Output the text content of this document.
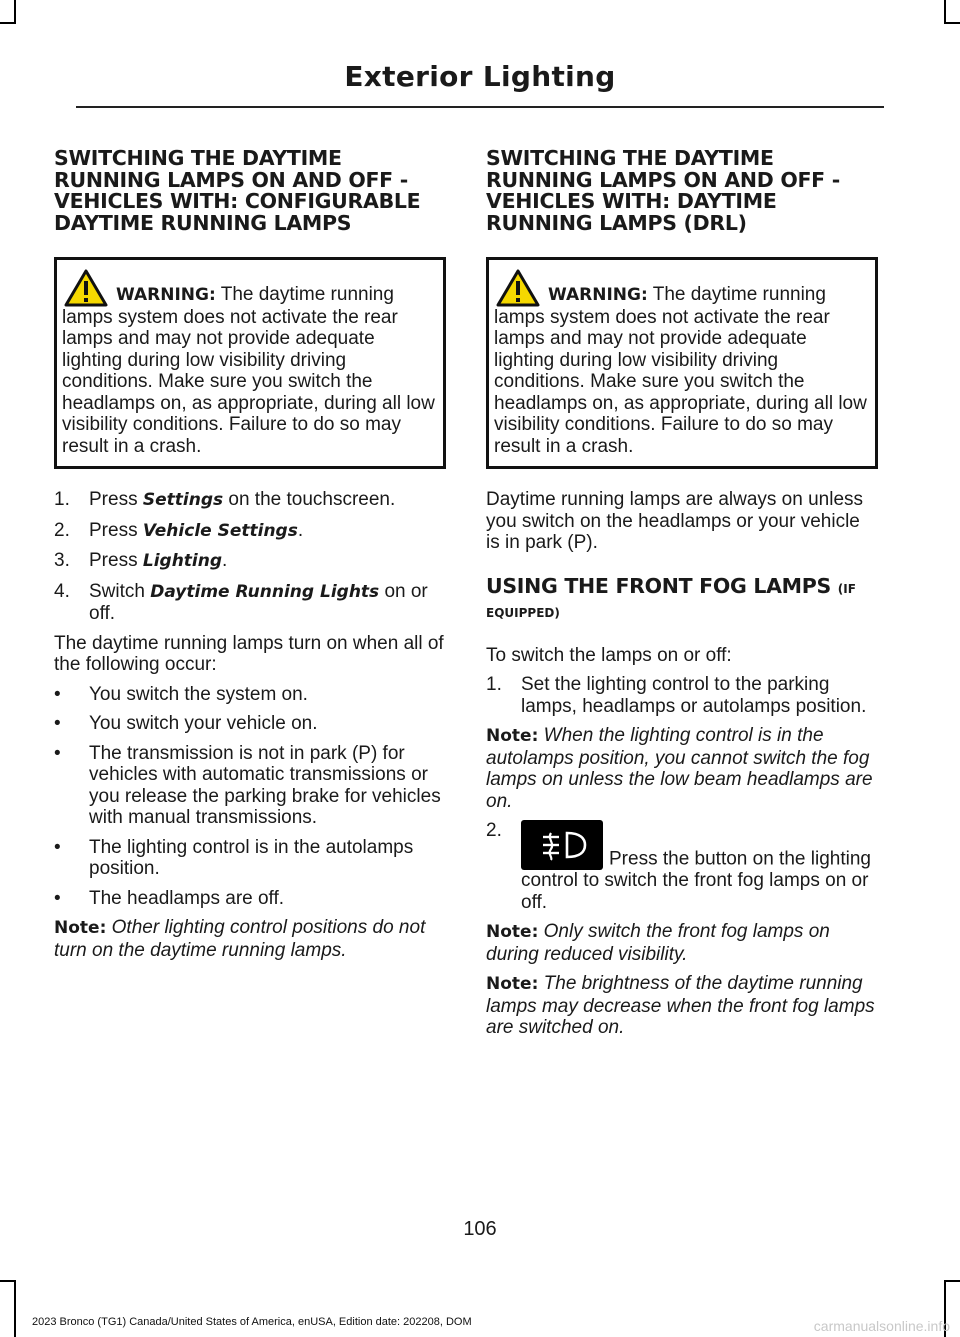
Exterior Lighting
SWITCHING THE DAYTIME RUNNING LAMPS ON AND OFF - VEHICLES WITH: CONFIGURABLE DAYTIME RUNNING LAMPS
WARNING: The daytime running lamps system does not activate the rear lamps and may not provide adequate lighting during low visibility driving conditions. Make sure you switch the headlamps on, as appropriate, during all low visibility conditions. Failure to do so may result in a crash.
1.	Press Settings on the touchscreen.
2.	Press Vehicle Settings.
3.	Press Lighting.
4.	Switch Daytime Running Lights on or off.

The daytime running lamps turn on when all of the following occur:

•	You switch the system on.
•	You switch your vehicle on.
•	The transmission is not in park (P) for vehicles with automatic transmissions or you release the parking brake for vehicles with manual transmissions.
•	The lighting control is in the autolamps position.
•	The headlamps are off.

Note: Other lighting control positions do not turn on the daytime running lamps.

SWITCHING THE DAYTIME RUNNING LAMPS ON AND OFF - VEHICLES WITH: DAYTIME RUNNING LAMPS (DRL)
WARNING: The daytime running lamps system does not activate the rear lamps and may not provide adequate lighting during low visibility driving conditions. Make sure you switch the headlamps on, as appropriate, during all low visibility conditions. Failure to do so may result in a crash.

Daytime running lamps are always on unless you switch on the headlamps or your vehicle is in park (P).

USING THE FRONT FOG LAMPS (IF EQUIPPED)

To switch the lamps on or off:

1.	Set the lighting control to the parking lamps, headlamps or autolamps position.

Note: When the lighting control is in the autolamps position, you cannot switch the fog lamps on unless the low beam headlamps are on.

2.
Press the button on the lighting control to switch the front fog lamps on or off.

Note: Only switch the front fog lamps on during reduced visibility.

Note: The brightness of the daytime running lamps may decrease when the front fog lamps are switched on.

106
2023 Bronco (TG1) Canada/United States of America, enUSA, Edition date: 202208, DOM	carmanualsonline.info
